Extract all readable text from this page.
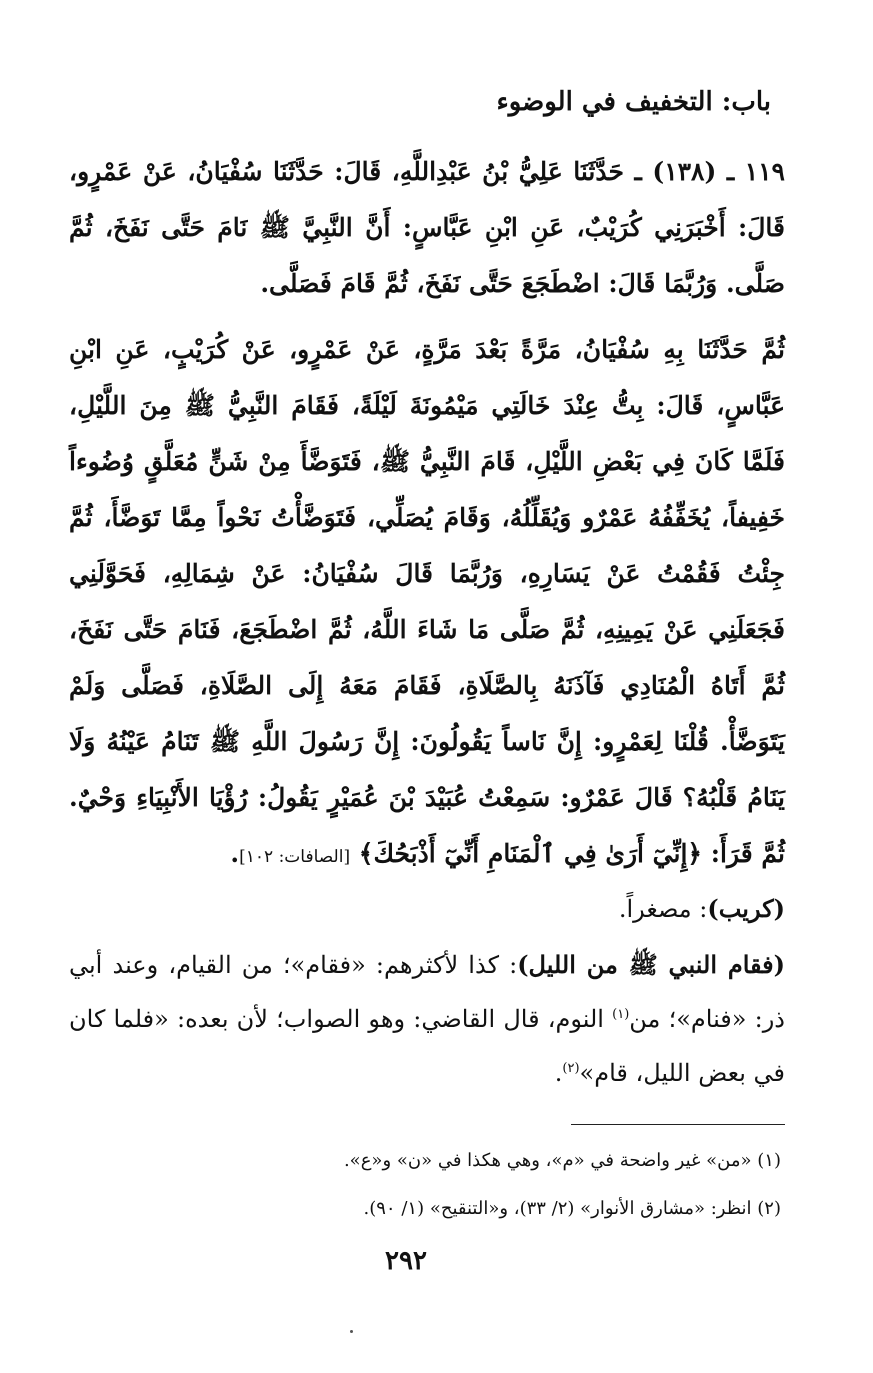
باب: التخفيف في الوضوء
١١٩ ـ (١٣٨) ـ حَدَّثَنَا عَلِيُّ بْنُ عَبْدِاللَّهِ، قَالَ: حَدَّثَنَا سُفْيَانُ، عَنْ عَمْرٍو، قَالَ: أَخْبَرَنِي كُرَيْبٌ، عَنِ ابْنِ عَبَّاسٍ: أَنَّ النَّبِيَّ ﷺ نَامَ حَتَّى نَفَخَ، ثُمَّ صَلَّى. وَرُبَّمَا قَالَ: اضْطَجَعَ حَتَّى نَفَخَ، ثُمَّ قَامَ فَصَلَّى.
ثُمَّ حَدَّثَنَا بِهِ سُفْيَانُ، مَرَّةً بَعْدَ مَرَّةٍ، عَنْ عَمْرٍو، عَنْ كُرَيْبٍ، عَنِ ابْنِ عَبَّاسٍ، قَالَ: بِتُّ عِنْدَ خَالَتِي مَيْمُونَةَ لَيْلَةً، فَقَامَ النَّبِيُّ ﷺ مِنَ اللَّيْلِ، فَلَمَّا كَانَ فِي بَعْضِ اللَّيْلِ، قَامَ النَّبِيُّ ﷺ، فَتَوَضَّأَ مِنْ شَنٍّ مُعَلَّقٍ وُضُوءاً خَفِيفاً، يُخَفِّفُهُ عَمْرٌو وَيُقَلِّلُهُ، وَقَامَ يُصَلِّي، فَتَوَضَّأْتُ نَحْواً مِمَّا تَوَضَّأَ، ثُمَّ جِئْتُ فَقُمْتُ عَنْ يَسَارِهِ، وَرُبَّمَا قَالَ سُفْيَانُ: عَنْ شِمَالِهِ، فَحَوَّلَنِي فَجَعَلَنِي عَنْ يَمِينِهِ، ثُمَّ صَلَّى مَا شَاءَ اللَّهُ، ثُمَّ اضْطَجَعَ، فَنَامَ حَتَّى نَفَخَ، ثُمَّ أَتَاهُ الْمُنَادِي فَآذَنَهُ بِالصَّلَاةِ، فَقَامَ مَعَهُ إِلَى الصَّلَاةِ، فَصَلَّى وَلَمْ يَتَوَضَّأْ. قُلْنَا لِعَمْرٍو: إِنَّ نَاساً يَقُولُونَ: إِنَّ رَسُولَ اللَّهِ ﷺ تَنَامُ عَيْنُهُ وَلَا يَنَامُ قَلْبُهُ؟ قَالَ عَمْرٌو: سَمِعْتُ عُبَيْدَ بْنَ عُمَيْرٍ يَقُولُ: رُؤْيَا الأَنْبِيَاءِ وَحْيٌ. ثُمَّ قَرَأَ: ﴿إِنِّيٓ أَرَىٰ فِي ٱلْمَنَامِ أَنِّيٓ أَذْبَحُكَ﴾ [الصافات: ١٠٢].
(كريب): مصغراً.
(فقام النبي ﷺ من الليل): كذا لأكثرهم: «فقام»؛ من القيام، وعند أبي ذر: «فنام»؛ من$^{(١)}$ النوم، قال القاضي: وهو الصواب؛ لأن بعده: «فلما كان في بعض الليل، قام»$^{(٢)}$.
(١) «من» غير واضحة في «م»، وهي هكذا في «ن» و«ع».
(٢) انظر: «مشارق الأنوار» (٢/ ٣٣)، و«التنقيح» (١/ ٩٠).
٢٩٢
